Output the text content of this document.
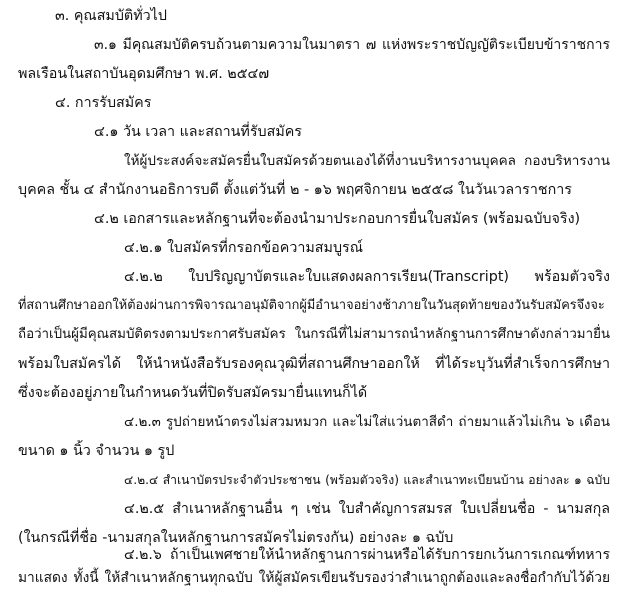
๓. คุณสมบัติทั่วไป
๓.๑ มีคุณสมบัติครบถ้วนตามความในมาตรา ๗ แห่งพระราชบัญญัติระเบียบข้าราชการ
พลเรือนในสถาบันอุดมศึกษา พ.ศ. ๒๕๔๗
๔. การรับสมัคร
๔.๑ วัน เวลา และสถานที่รับสมัคร
ให้ผู้ประสงค์จะสมัครยื่นใบสมัครด้วยตนเองได้ที่งานบริหารงานบุคคล กองบริหารงาน
บุคคล ชั้น ๔ สำนักงานอธิการบดี ตั้งแต่วันที่ ๒ - ๑๖ พฤศจิกายน ๒๕๕๘ ในวันเวลาราชการ
๔.๒ เอกสารและหลักฐานที่จะต้องนำมาประกอบการยื่นใบสมัคร (พร้อมฉบับจริง)
๔.๒.๑ ใบสมัครที่กรอกข้อความสมบูรณ์
๔.๒.๒ ใบปริญญาบัตรและใบแสดงผลการเรียน(Transcript) พร้อมตัวจริง
ที่สถานศึกษาออกให้ต้องผ่านการพิจารณาอนุมัติจากผู้มีอำนาจอย่างช้าภายในวันสุดท้ายของวันรับสมัครจึงจะ
ถือว่าเป็นผู้มีคุณสมบัติตรงตามประกาศรับสมัคร ในกรณีที่ไม่สามารถนำหลักฐานการศึกษาดังกล่าวมายื่น
พร้อมใบสมัครได้ ให้นำหนังสือรับรองคุณวุฒิที่สถานศึกษาออกให้ ที่ได้ระบุวันที่สำเร็จการศึกษา
ซึ่งจะต้องอยู่ภายในกำหนดวันที่ปิดรับสมัครมายื่นแทนก็ได้
๔.๒.๓ รูปถ่ายหน้าตรงไม่สวมหมวก และไม่ใส่แว่นตาสีดำ ถ่ายมาแล้วไม่เกิน ๖ เดือน
ขนาด ๑ นิ้ว จำนวน ๑ รูป
๔.๒.๔ สำเนาบัตรประจำตัวประชาชน (พร้อมตัวจริง) และสำเนาทะเบียนบ้าน อย่างละ ๑ ฉบับ
๔.๒.๕ สำเนาหลักฐานอื่น ๆ เช่น ใบสำคัญการสมรส ใบเปลี่ยนชื่อ - นามสกุล
(ในกรณีที่ชื่อ -นามสกุลในหลักฐานการสมัครไม่ตรงกัน) อย่างละ ๑ ฉบับ
๔.๒.๖ ถ้าเป็นเพศชายให้นำหลักฐานการผ่านหรือได้รับการยกเว้นการเกณฑ์ทหาร
มาแสดง ทั้งนี้ ให้สำเนาหลักฐานทุกฉบับ ให้ผู้สมัครเขียนรับรองว่าสำเนาถูกต้องและลงชื่อกำกับไว้ด้วย
